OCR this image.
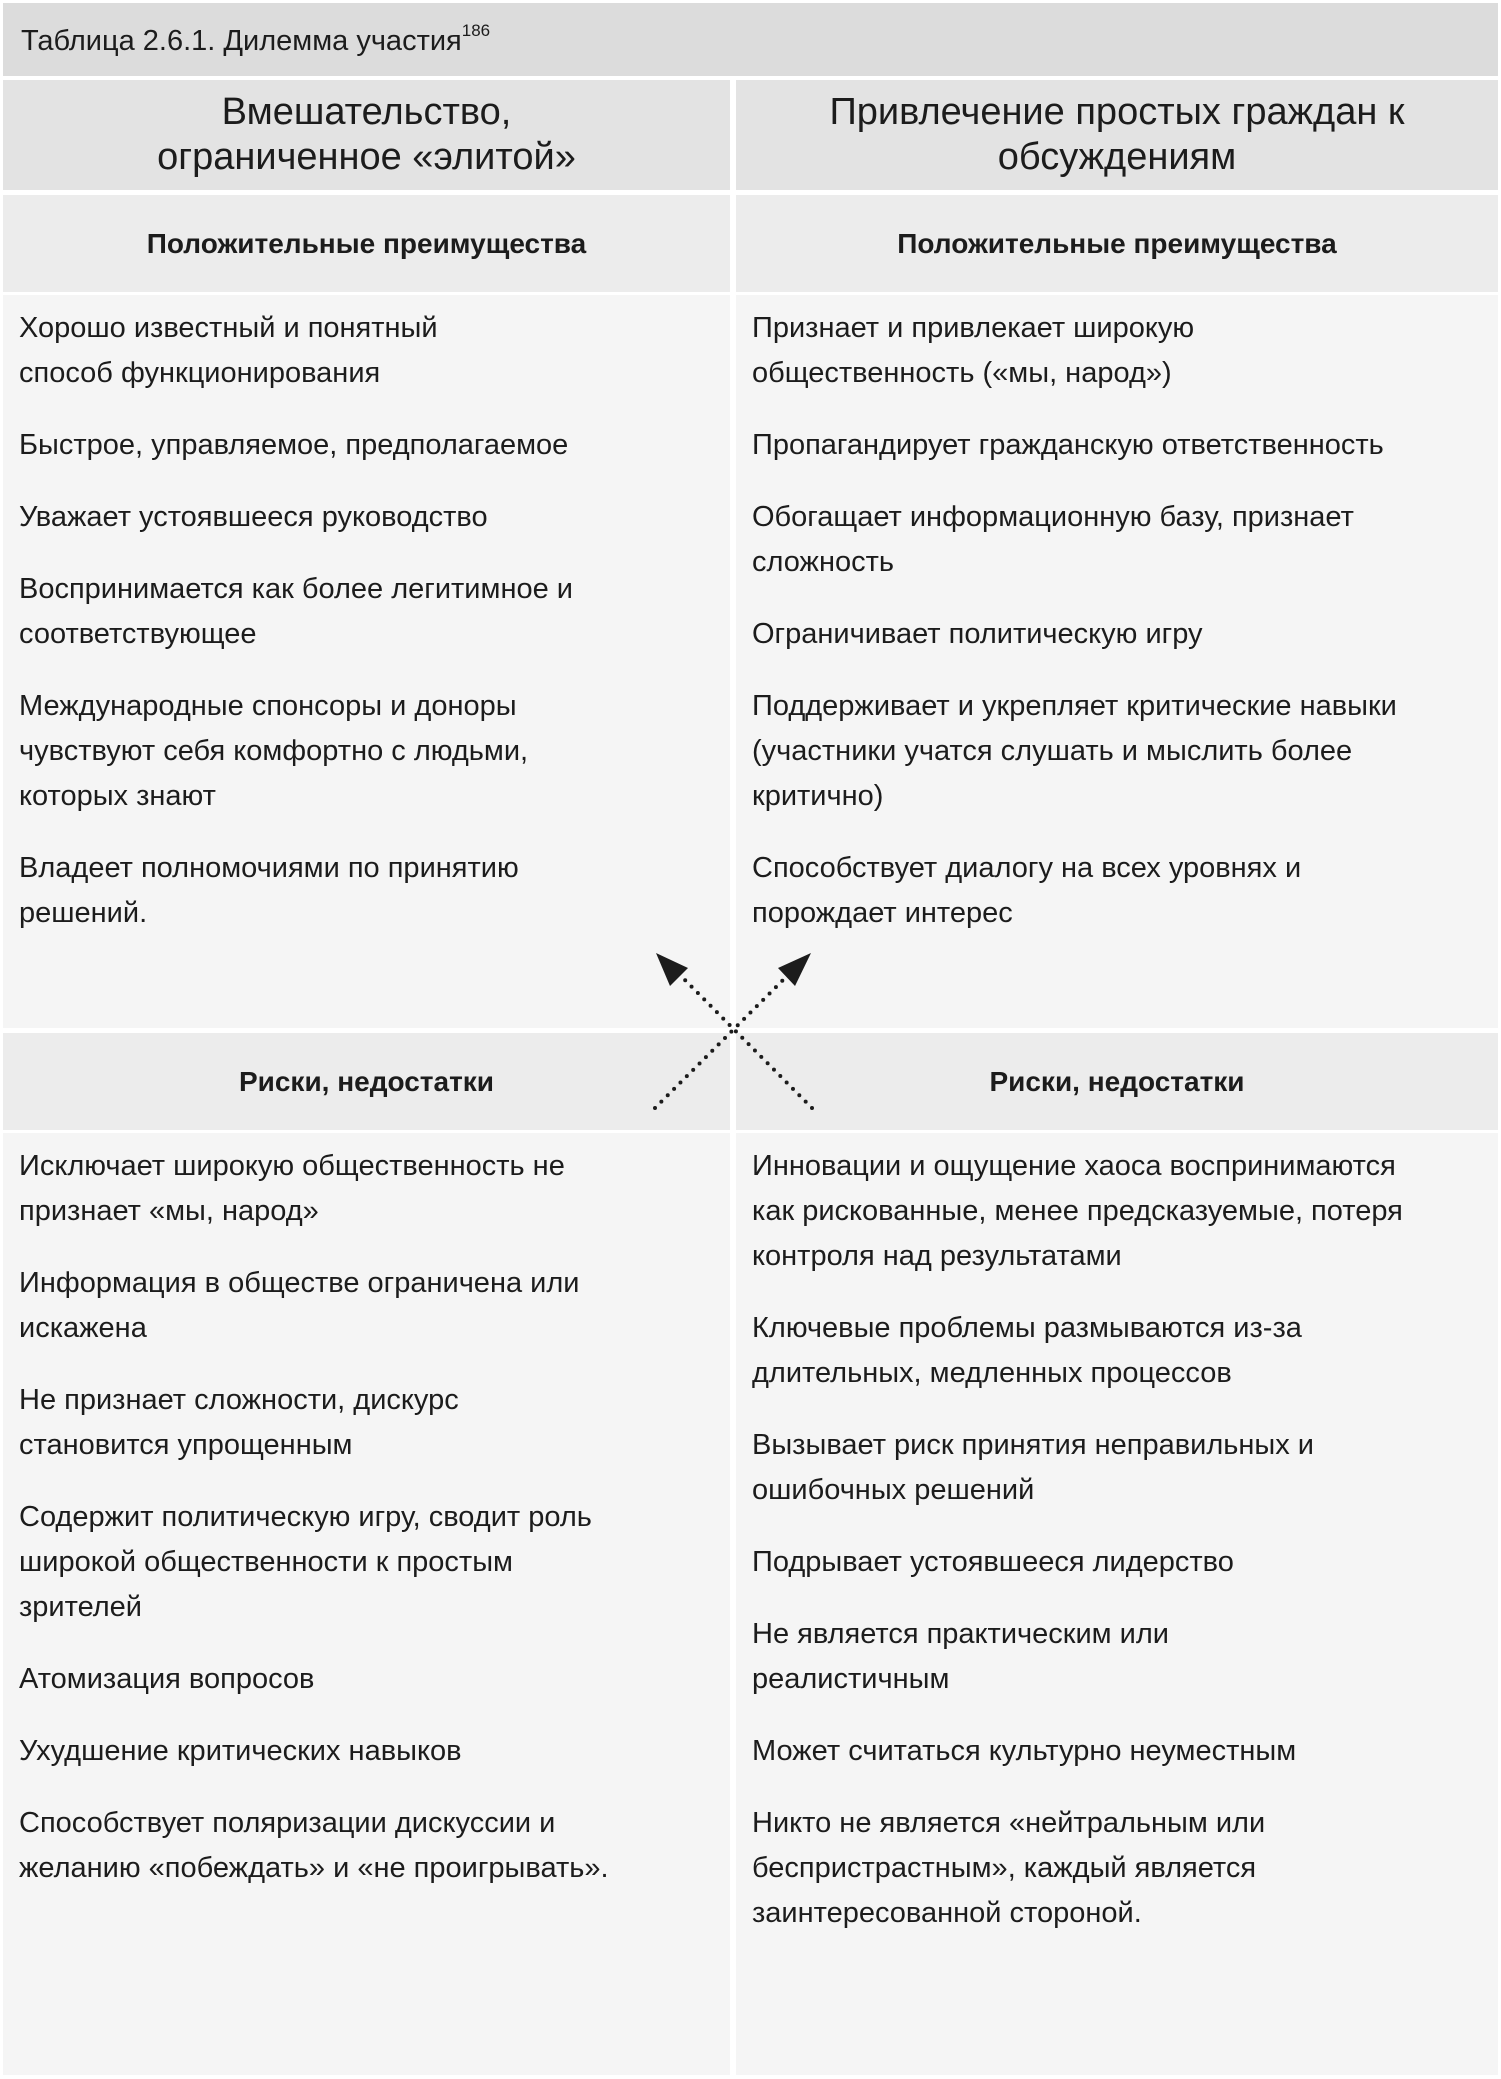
Таблица 2.6.1. Дилемма участия$^{186}$
Вмешательство, ограниченное «элитой»
Положительные преимущества
Хорошо известный и понятный способ функционирования
Быстрое, управляемое, предполагаемое
Уважает устоявшееся руководство
Воспринимается как более легитимное и соответствующее
Международные спонсоры и доноры чувствуют себя комфортно с людьми, которых знают
Владеет полномочиями по принятию решений.
Риски, недостатки
Исключает широкую общественность не признает «мы, народ»
Информация в обществе ограничена или искажена
Не признает сложности, дискурс становится упрощенным
Содержит политическую игру, сводит роль широкой общественности к простым зрителей
Атомизация вопросов
Ухудшение критических навыков
Способствует поляризации дискуссии и желанию «побеждать» и «не проигрывать».
Привлечение простых граждан к обсуждениям
Положительные преимущества
Признает и привлекает широкую общественность («мы, народ»)
Пропагандирует гражданскую ответственность
Обогащает информационную базу, признает сложность
Ограничивает политическую игру
Поддерживает и укрепляет критические навыки (участники учатся слушать и мыслить более критично)
Способствует диалогу на всех уровнях и порождает интерес
Риски, недостатки
Инновации и ощущение хаоса воспринимаются как рискованные, менее предсказуемые, потеря контроля над результатами
Ключевые проблемы размываются из-за длительных, медленных процессов
Вызывает риск принятия неправильных и ошибочных решений
Подрывает устоявшееся лидерство
Не является практическим или реалистичным
Может считаться культурно неуместным
Никто не является «нейтральным или беспристрастным», каждый является заинтересованной стороной.
